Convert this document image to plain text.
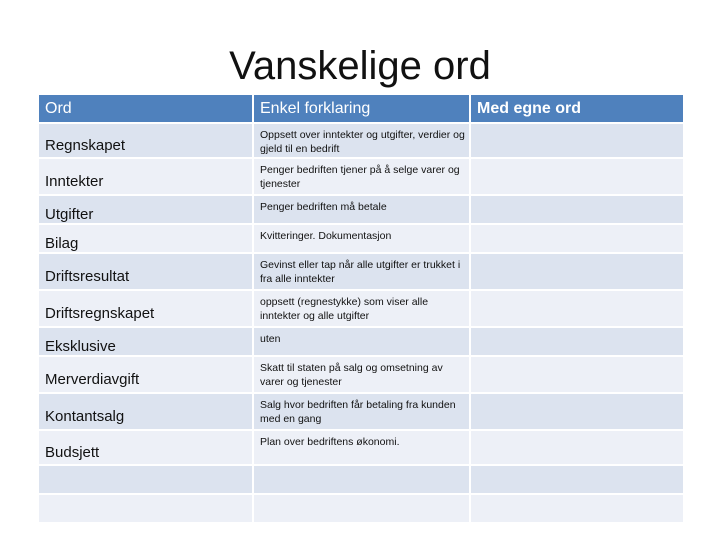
Vanskelige ord
Ord	Enkel forklaring	Med egne ord
Regnskapet	Oppsett over inntekter og utgifter, verdier og gjeld til en bedrift	
Inntekter	Penger bedriften tjener på å selge varer og tjenester	
Utgifter	Penger bedriften må betale	
Bilag	Kvitteringer. Dokumentasjon	
Driftsresultat	Gevinst eller tap når alle utgifter er trukket i fra alle inntekter	
Driftsregnskapet	oppsett (regnestykke) som viser alle inntekter og alle utgifter	
Eksklusive	uten	
Merverdiavgift	Skatt til staten på salg og omsetning av varer og tjenester	
Kontantsalg	Salg hvor bedriften får betaling fra kunden med en gang	
Budsjett	Plan over bedriftens økonomi.	
